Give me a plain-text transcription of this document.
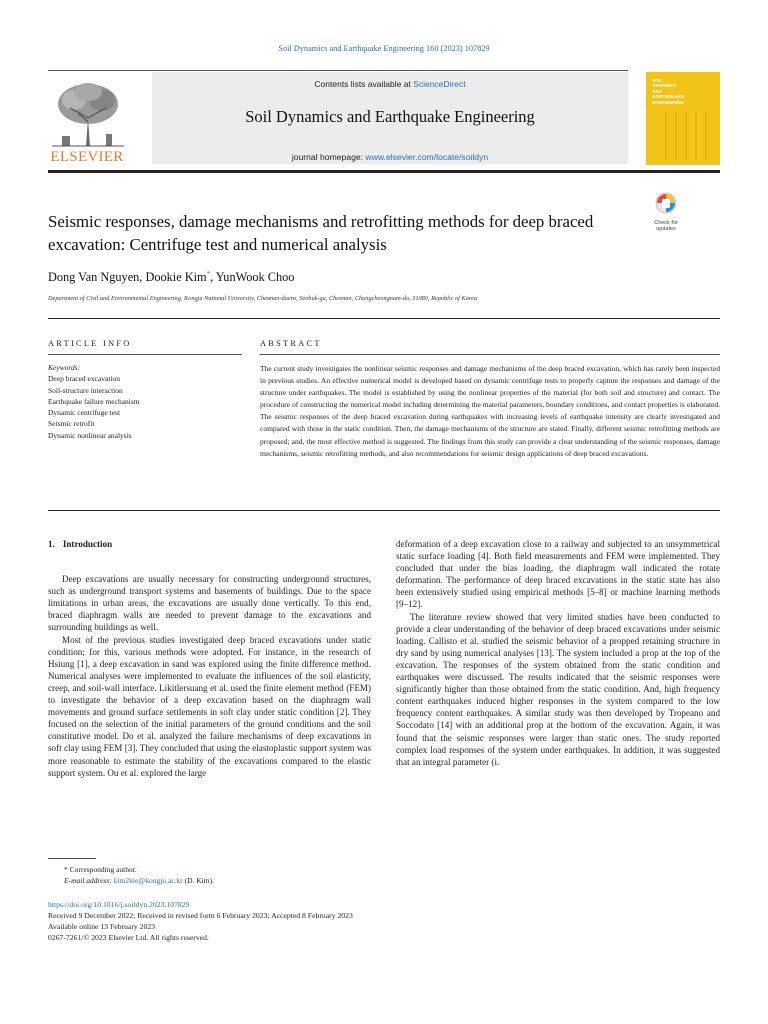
Soil Dynamics and Earthquake Engineering 160 (2023) 107829
ELSEVIER
Contents lists available at ScienceDirect
Soil Dynamics and Earthquake Engineering
journal homepage: www.elsevier.com/locate/soildyn
SOIL
DYNAMICS
AND
EARTHQUAKE
ENGINEERING
Seismic responses, damage mechanisms and retrofitting methods for deep braced excavation: Centrifuge test and numerical analysis
Check for
updates
Dong Van Nguyen, Dookie Kim*, YunWook Choo
Department of Civil and Environmental Engineering, Kongju National University, Cheonan-daero, Seobuk-gu, Cheonan, Chungcheongnam-do, 31080, Republic of Korea
ARTICLE INFO	ABSTRACT
Keywords:
Deep braced excavation
Soil-structure interaction
Earthquake failure mechanism
Dynamic centrifuge test
Seismic retrofit
Dynamic nonlinear analysis
The current study investigates the nonlinear seismic responses and damage mechanisms of the deep braced excavation, which has rarely been inspected in previous studies. An effective numerical model is developed based on dynamic centrifuge tests to properly capture the responses and damage of the structure under earthquakes. The model is established by using the nonlinear properties of the material (for both soil and structure) and contact. The procedure of constructing the numerical model including determining the material parameters, boundary conditions, and contact properties is elaborated. The seismic responses of the deep braced excavation during earthquakes with increasing levels of earthquake intensity are clearly investigated and compared with those in the static condition. Then, the damage mechanisms of the structure are stated. Finally, different seismic retrofitting methods are proposed; and, the most effective method is suggested. The findings from this study can provide a clear understanding of the seismic responses, damage mechanisms, seismic retrofitting methods, and also recommendations for seismic design applications of deep braced excavations.
1. Introduction

Deep excavations are usually necessary for constructing underground structures, such as underground transport systems and basements of buildings. Due to the space limitations in urban areas, the excavations are usually done vertically. To this end, braced diaphragm walls are needed to prevent damage to the excavations and surrounding buildings as well.

Most of the previous studies investigated deep braced excavations under static condition; for this, various methods were adopted. For instance, in the research of Hsiung [1], a deep excavation in sand was explored using the finite difference method. Numerical analyses were implemented to evaluate the influences of the soil elasticity, creep, and soil-wall interface. Likitlersuang et al. used the finite element method (FEM) to investigate the behavior of a deep excavation based on the diaphragm wall movements and ground surface settlements in soft clay under static condition [2]. They focused on the selection of the initial parameters of the ground conditions and the soil constitutive model. Do et al. analyzed the failure mechanisms of deep excavations in soft clay using FEM [3]. They concluded that using the elastoplastic support system was more reasonable to estimate the stability of the excavations compared to the elastic support system. Ou et al. explored the large

deformation of a deep excavation close to a railway and subjected to an unsymmetrical static surface loading [4]. Both field measurements and FEM were implemented. They concluded that under the bias loading, the diaphragm wall indicated the rotate deformation. The performance of deep braced excavations in the static state has also been extensively studied using empirical methods [5–8] or machine learning methods [9–12].

The literature review showed that very limited studies have been conducted to provide a clear understanding of the behavior of deep braced excavations under seismic loading. Callisto et al. studied the seismic behavior of a propped retaining structure in dry sand by using numerical analyses [13]. The system included a prop at the top of the excavation. The responses of the system obtained from the static condition and earthquakes were discussed. The results indicated that the seismic responses were significantly higher than those obtained from the static condition. And, high frequency content earthquakes induced higher responses in the system compared to the low frequency content earthquakes. A similar study was then developed by Tropeano and Soccodato [14] with an additional prop at the bottom of the excavation. Again, it was found that the seismic responses were larger than static ones. The study reported complex load responses of the system under earthquakes. In addition, it was suggested that an integral parameter (i.

* Corresponding author.
E-mail address: kim2kie@kongju.ac.kr (D. Kim).
https://doi.org/10.1016/j.soildyn.2023.107829
Received 9 December 2022; Received in revised form 6 February 2023; Accepted 8 February 2023
Available online 13 February 2023
0267-7261/© 2023 Elsevier Ltd. All rights reserved.
